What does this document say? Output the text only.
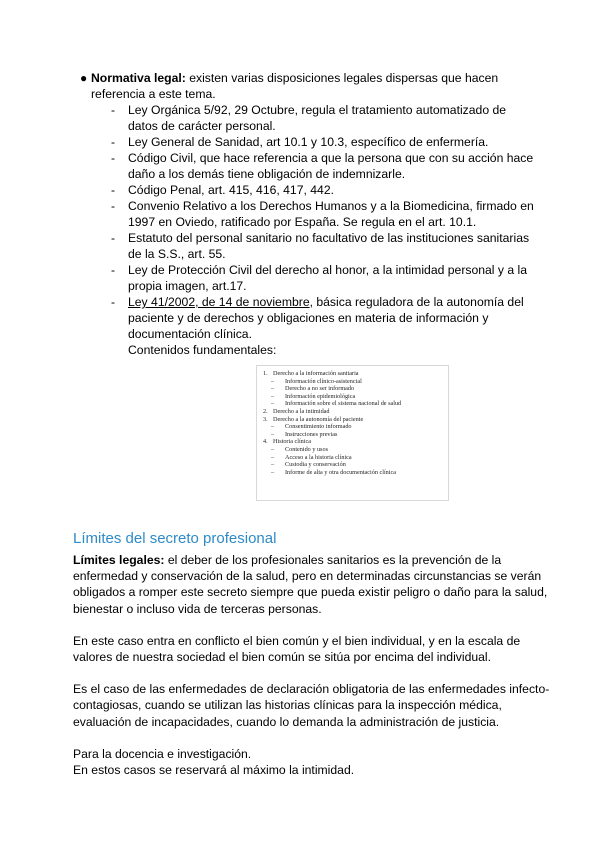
● Normativa legal: existen varias disposiciones legales dispersas que hacen referencia a este tema.
- Ley Orgánica 5/92, 29 Octubre, regula el tratamiento automatizado de datos de carácter personal.
- Ley General de Sanidad, art 10.1 y 10.3, específico de enfermería.
- Código Civil, que hace referencia a que la persona que con su acción hace daño a los demás tiene obligación de indemnizarle.
- Código Penal, art. 415, 416, 417, 442.
- Convenio Relativo a los Derechos Humanos y a la Biomedicina, firmado en 1997 en Oviedo, ratificado por España. Se regula en el art. 10.1.
- Estatuto del personal sanitario no facultativo de las instituciones sanitarias de la S.S., art. 55.
- Ley de Protección Civil del derecho al honor, a la intimidad personal y a la propia imagen, art.17.
- Ley 41/2002, de 14 de noviembre, básica reguladora de la autonomía del paciente y de derechos y obligaciones en materia de información y documentación clínica.
Contenidos fundamentales:
1. Derecho a la información sanitaria
– Información clínico-asistencial
– Derecho a no ser informado
– Información epidemiológica
– Información sobre el sistema nacional de salud
2. Derecho a la intimidad
3. Derecho a la autonomía del paciente
– Consentimiento informado
– Instrucciones previas
4. Historia clínica
– Contenido y usos
– Acceso a la historia clínica
– Custodia y conservación
– Informe de alta y otra documentación clínica
Límites del secreto profesional

Límites legales: el deber de los profesionales sanitarios es la prevención de la enfermedad y conservación de la salud, pero en determinadas circunstancias se verán obligados a romper este secreto siempre que pueda existir peligro o daño para la salud, bienestar o incluso vida de terceras personas.

En este caso entra en conflicto el bien común y el bien individual, y en la escala de valores de nuestra sociedad el bien común se sitúa por encima del individual.

Es el caso de las enfermedades de declaración obligatoria de las enfermedades infecto-contagiosas, cuando se utilizan las historias clínicas para la inspección médica, evaluación de incapacidades, cuando lo demanda la administración de justicia.

Para la docencia e investigación.
En estos casos se reservará al máximo la intimidad.
